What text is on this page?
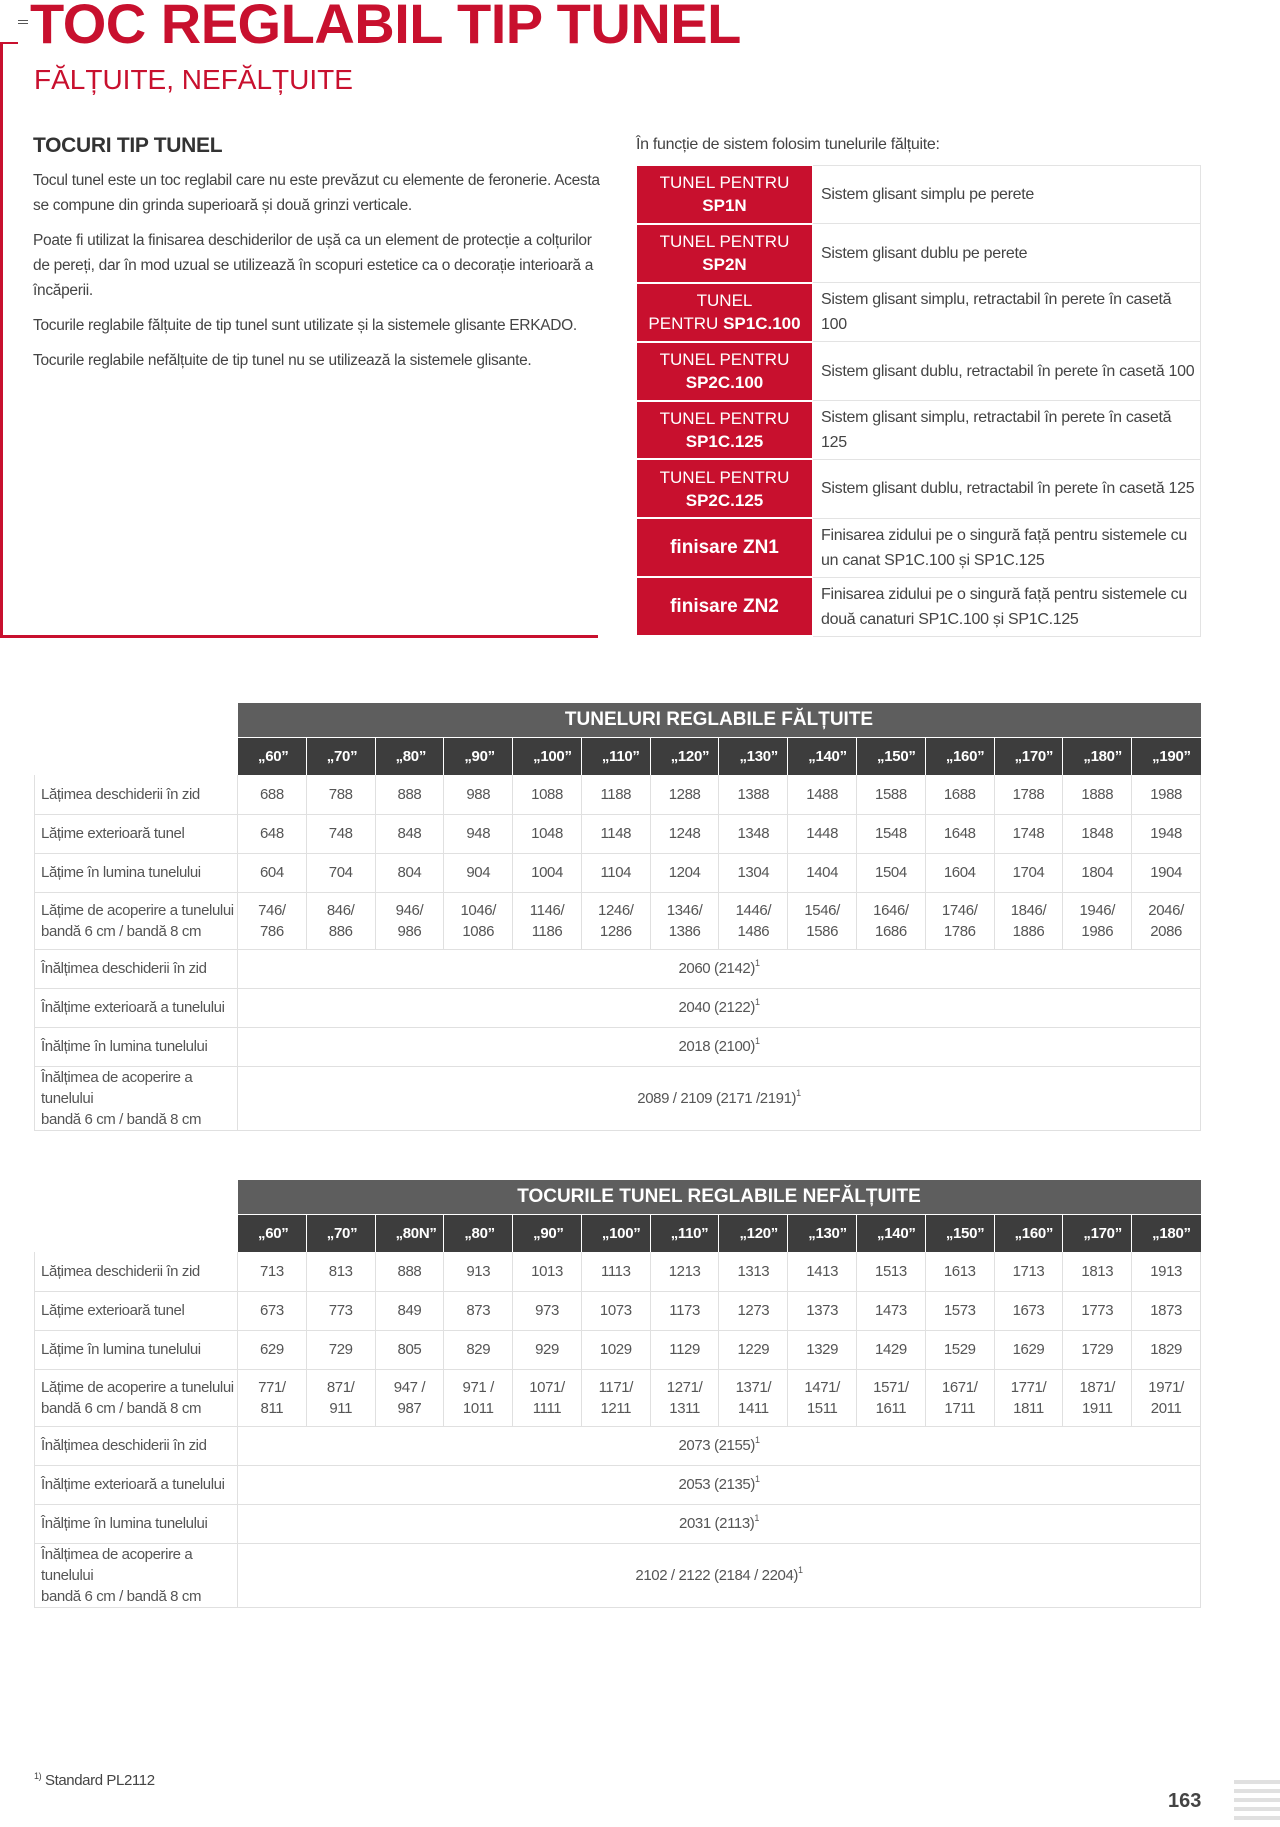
TOC REGLABIL TIP TUNEL
FĂLȚUITE, NEFĂLȚUITE
TOCURI TIP TUNEL

Tocul tunel este un toc reglabil care nu este prevăzut cu elemente de feronerie. Acesta se compune din grinda superioară și două grinzi verticale.

Poate fi utilizat la finisarea deschiderilor de ușă ca un element de protecție a colțurilor de pereți, dar în mod uzual se utilizează în scopuri estetice ca o decorație interioară a încăperii.

Tocurile reglabile fălțuite de tip tunel sunt utilizate și la sistemele glisante ERKADO.

Tocurile reglabile nefălțuite de tip tunel nu se utilizează la sistemele glisante.

În funcție de sistem folosim tunelurile fălțuite:
TUNEL PENTRU
SP1N	Sistem glisant simplu pe perete
TUNEL PENTRU
SP2N	Sistem glisant dublu pe perete
TUNEL
PENTRU SP1C.100	Sistem glisant simplu, retractabil în perete în casetă 100
TUNEL PENTRU
SP2C.100	Sistem glisant dublu, retractabil în perete în casetă 100
TUNEL PENTRU
SP1C.125	Sistem glisant simplu, retractabil în perete în casetă 125
TUNEL PENTRU
SP2C.125	Sistem glisant dublu, retractabil în perete în casetă 125
finisare ZN1	Finisarea zidului pe o singură față pentru sistemele cu un canat SP1C.100 și SP1C.125
finisare ZN2	Finisarea zidului pe o singură față pentru sistemele cu două canaturi SP1C.100 și SP1C.125
	TUNELURI REGLABILE FĂLȚUITE													
	„60”	„70”	„80”	„90”	„100”	„110”	„120”	„130”	„140”	„150”	„160”	„170”	„180”	„190”
Lățimea deschiderii în zid	688	788	888	988	1088	1188	1288	1388	1488	1588	1688	1788	1888	1988
Lățime exterioară tunel	648	748	848	948	1048	1148	1248	1348	1448	1548	1648	1748	1848	1948
Lățime în lumina tunelului	604	704	804	904	1004	1104	1204	1304	1404	1504	1604	1704	1804	1904
Lățime de acoperire a tunelului
bandă 6 cm / bandă 8 cm	746/
786	846/
886	946/
986	1046/
1086	1146/
1186	1246/
1286	1346/
1386	1446/
1486	1546/
1586	1646/
1686	1746/
1786	1846/
1886	1946/
1986	2046/
2086
Înălțimea deschiderii în zid	2060 $(2142)^1$
Înălțime exterioară a tunelului	2040 $(2122)^1$
Înălțime în lumina tunelului	2018 $(2100)^1$
Înălțimea de acoperire a tunelului
bandă 6 cm / bandă 8 cm	2089 / 2109 (2171 /2191)$^1$
	TOCURILE TUNEL REGLABILE NEFĂLȚUITE													
	„60”	„70”	„80N”	„80”	„90”	„100”	„110”	„120”	„130”	„140”	„150”	„160”	„170”	„180”
Lățimea deschiderii în zid	713	813	888	913	1013	1113	1213	1313	1413	1513	1613	1713	1813	1913
Lățime exterioară tunel	673	773	849	873	973	1073	1173	1273	1373	1473	1573	1673	1773	1873
Lățime în lumina tunelului	629	729	805	829	929	1029	1129	1229	1329	1429	1529	1629	1729	1829
Lățime de acoperire a tunelului
bandă 6 cm / bandă 8 cm	771/
811	871/
911	947 /
987	971 /
1011	1071/
1111	1171/
1211	1271/
1311	1371/
1411	1471/
1511	1571/
1611	1671/
1711	1771/
1811	1871/
1911	1971/
2011
Înălțimea deschiderii în zid	2073 $(2155)^1$
Înălțime exterioară a tunelului	2053 $(2135)^1$
Înălțime în lumina tunelului	2031 $(2113)^1$
Înălțimea de acoperire a tunelului
bandă 6 cm / bandă 8 cm	2102 / 2122 (2184 / 2204)$^1$
$^{1)}$ Standard PL2112
163
